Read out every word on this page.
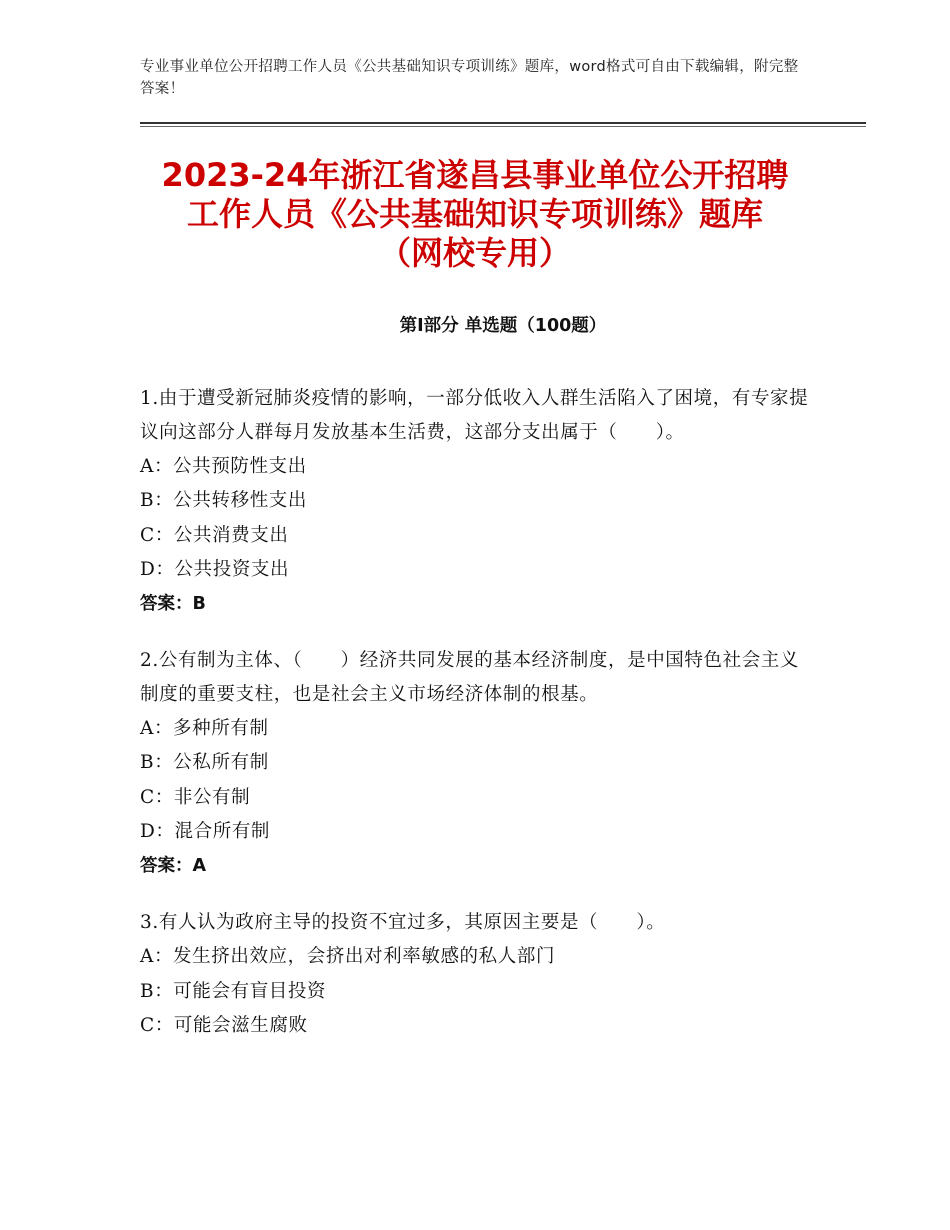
专业事业单位公开招聘工作人员《公共基础知识专项训练》题库，word格式可自由下载编辑，附完整答案！
2023-24年浙江省遂昌县事业单位公开招聘
工作人员《公共基础知识专项训练》题库
（网校专用）
第Ⅰ部分 单选题（100题）
1.由于遭受新冠肺炎疫情的影响，一部分低收入人群生活陷入了困境，有专家提议向这部分人群每月发放基本生活费，这部分支出属于（　　）。
A：公共预防性支出
B：公共转移性支出
C：公共消费支出
D：公共投资支出
答案：B
2.公有制为主体、（　　）经济共同发展的基本经济制度，是中国特色社会主义制度的重要支柱，也是社会主义市场经济体制的根基。
A：多种所有制
B：公私所有制
C：非公有制
D：混合所有制
答案：A
3.有人认为政府主导的投资不宜过多，其原因主要是（　　）。
A：发生挤出效应，会挤出对利率敏感的私人部门
B：可能会有盲目投资
C：可能会滋生腐败
